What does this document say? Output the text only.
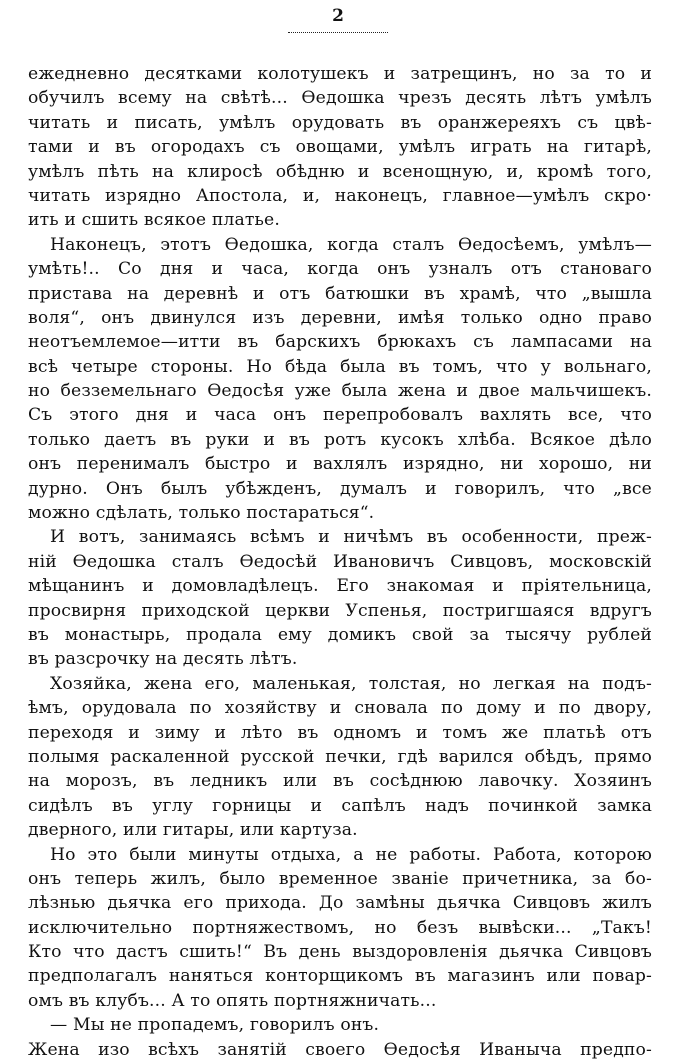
2
ежедневно десятками колотушекъ и затрещинъ, но за то и
обучилъ всему на свѣтѣ... Ѳедошка чрезъ десять лѣтъ умѣлъ
читать и писать, умѣлъ орудовать въ оранжереяхъ съ цвѣ-
тами и въ огородахъ съ овощами, умѣлъ играть на гитарѣ,
умѣлъ пѣть на клиросѣ обѣдню и всенощную, и, кромѣ того,
читать изрядно Апостола, и, наконецъ, главное—умѣлъ скро·
ить и сшить всякое платье.
Наконецъ, этотъ Ѳедошка, когда сталъ Ѳедосѣемъ, умѣлъ—
умѣть!.. Со дня и часа, когда онъ узналъ отъ становаго
пристава на деревнѣ и отъ батюшки въ храмѣ, что „вышла
воля“, онъ двинулся изъ деревни, имѣя только одно право
неотъемлемое—итти въ барскихъ брюкахъ съ лампасами на
всѣ четыре стороны. Но бѣда была въ томъ, что у вольнаго,
но безземельнаго Ѳедосѣя уже была жена и двое мальчишекъ.
Съ этого дня и часа онъ перепробовалъ вахлять все, что
только даетъ въ руки и въ ротъ кусокъ хлѣба. Всякое дѣло
онъ перенималъ быстро и вахлялъ изрядно, ни хорошо, ни
дурно. Онъ былъ убѣжденъ, думалъ и говорилъ, что „все
можно сдѣлать, только постараться“.
И вотъ, занимаясь всѣмъ и ничѣмъ въ особенности, преж-
нiй Ѳедошка сталъ Ѳедосѣй Ивановичъ Сивцовъ, московскiй
мѣщанинъ и домовладѣлецъ. Его знакомая и прiятельница,
просвирня приходской церкви Успенья, постригшаяся вдругъ
въ монастырь, продала ему домикъ свой за тысячу рублей
въ разсрочку на десять лѣтъ.
Хозяйка, жена его, маленькая, толстая, но легкая на подъ-
ѣмъ, орудовала по хозяйству и сновала по дому и по двору,
переходя и зиму и лѣто въ одномъ и томъ же платьѣ отъ
полымя раскаленной русской печки, гдѣ варился обѣдъ, прямо
на морозъ, въ ледникъ или въ сосѣднюю лавочку. Хозяинъ
сидѣлъ въ углу горницы и сапѣлъ надъ починкой замка
дверного, или гитары, или картуза.
Но это были минуты отдыха, а не работы. Работа, которою
онъ теперь жилъ, было временное званiе причетника, за бо-
лѣзнью дьячка его прихода. До замѣны дьячка Сивцовъ жилъ
исключительно портняжествомъ, но безъ вывѣски... „Такъ!
Кто что дастъ сшить!“ Въ день выздоровленiя дьячка Сивцовъ
предполагалъ наняться конторщикомъ въ магазинъ или повар-
омъ въ клубъ... А то опять портняжничать...
— Мы не пропадемъ, говорилъ онъ.
Жена изо всѣхъ занятiй своего Ѳедосѣя Иваныча предпо-
